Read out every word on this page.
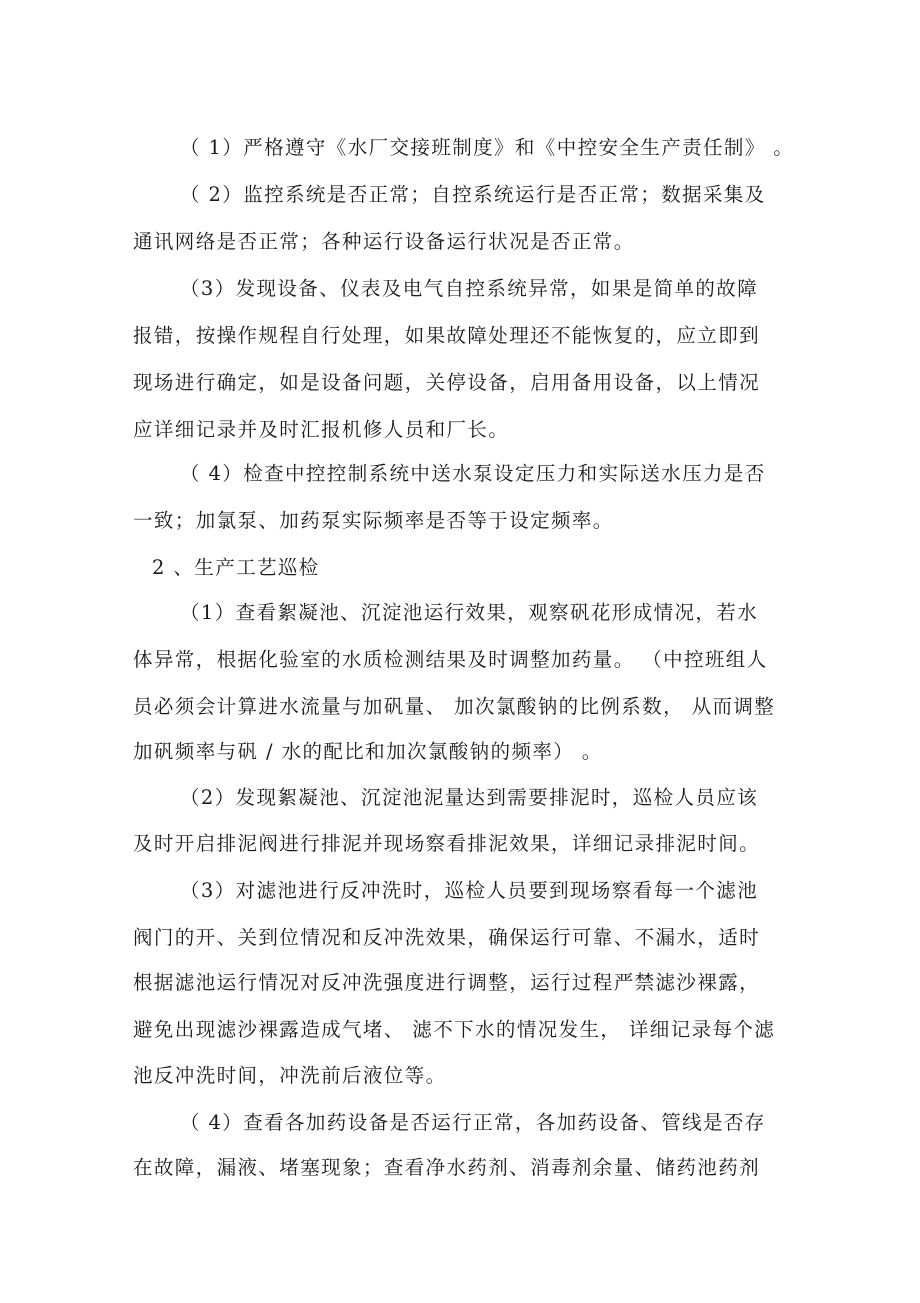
（ 1）严格遵守《水厂交接班制度》和《中控安全生产责任制》 。
（ 2）监控系统是否正常；自控系统运行是否正常；数据采集及
通讯网络是否正常；各种运行设备运行状况是否正常。
（3）发现设备、仪表及电气自控系统异常，如果是简单的故障
报错，按操作规程自行处理，如果故障处理还不能恢复的，应立即到
现场进行确定，如是设备问题，关停设备，启用备用设备，以上情况
应详细记录并及时汇报机修人员和厂长。
（ 4）检查中控控制系统中送水泵设定压力和实际送水压力是否
一致；加氯泵、加药泵实际频率是否等于设定频率。
2 、生产工艺巡检
（1）查看絮凝池、沉淀池运行效果，观察矾花形成情况，若水
体异常，根据化验室的水质检测结果及时调整加药量。 （中控班组人
员必须会计算进水流量与加矾量、 加次氯酸钠的比例系数， 从而调整
加矾频率与矾 / 水的配比和加次氯酸钠的频率） 。
（2）发现絮凝池、沉淀池泥量达到需要排泥时，巡检人员应该
及时开启排泥阀进行排泥并现场察看排泥效果，详细记录排泥时间。
（3）对滤池进行反冲洗时，巡检人员要到现场察看每一个滤池
阀门的开、关到位情况和反冲洗效果，确保运行可靠、不漏水，适时
根据滤池运行情况对反冲洗强度进行调整，运行过程严禁滤沙裸露，
避免出现滤沙裸露造成气堵、 滤不下水的情况发生， 详细记录每个滤
池反冲洗时间，冲洗前后液位等。
（ 4）查看各加药设备是否运行正常，各加药设备、管线是否存
在故障，漏液、堵塞现象；查看净水药剂、消毒剂余量、储药池药剂
